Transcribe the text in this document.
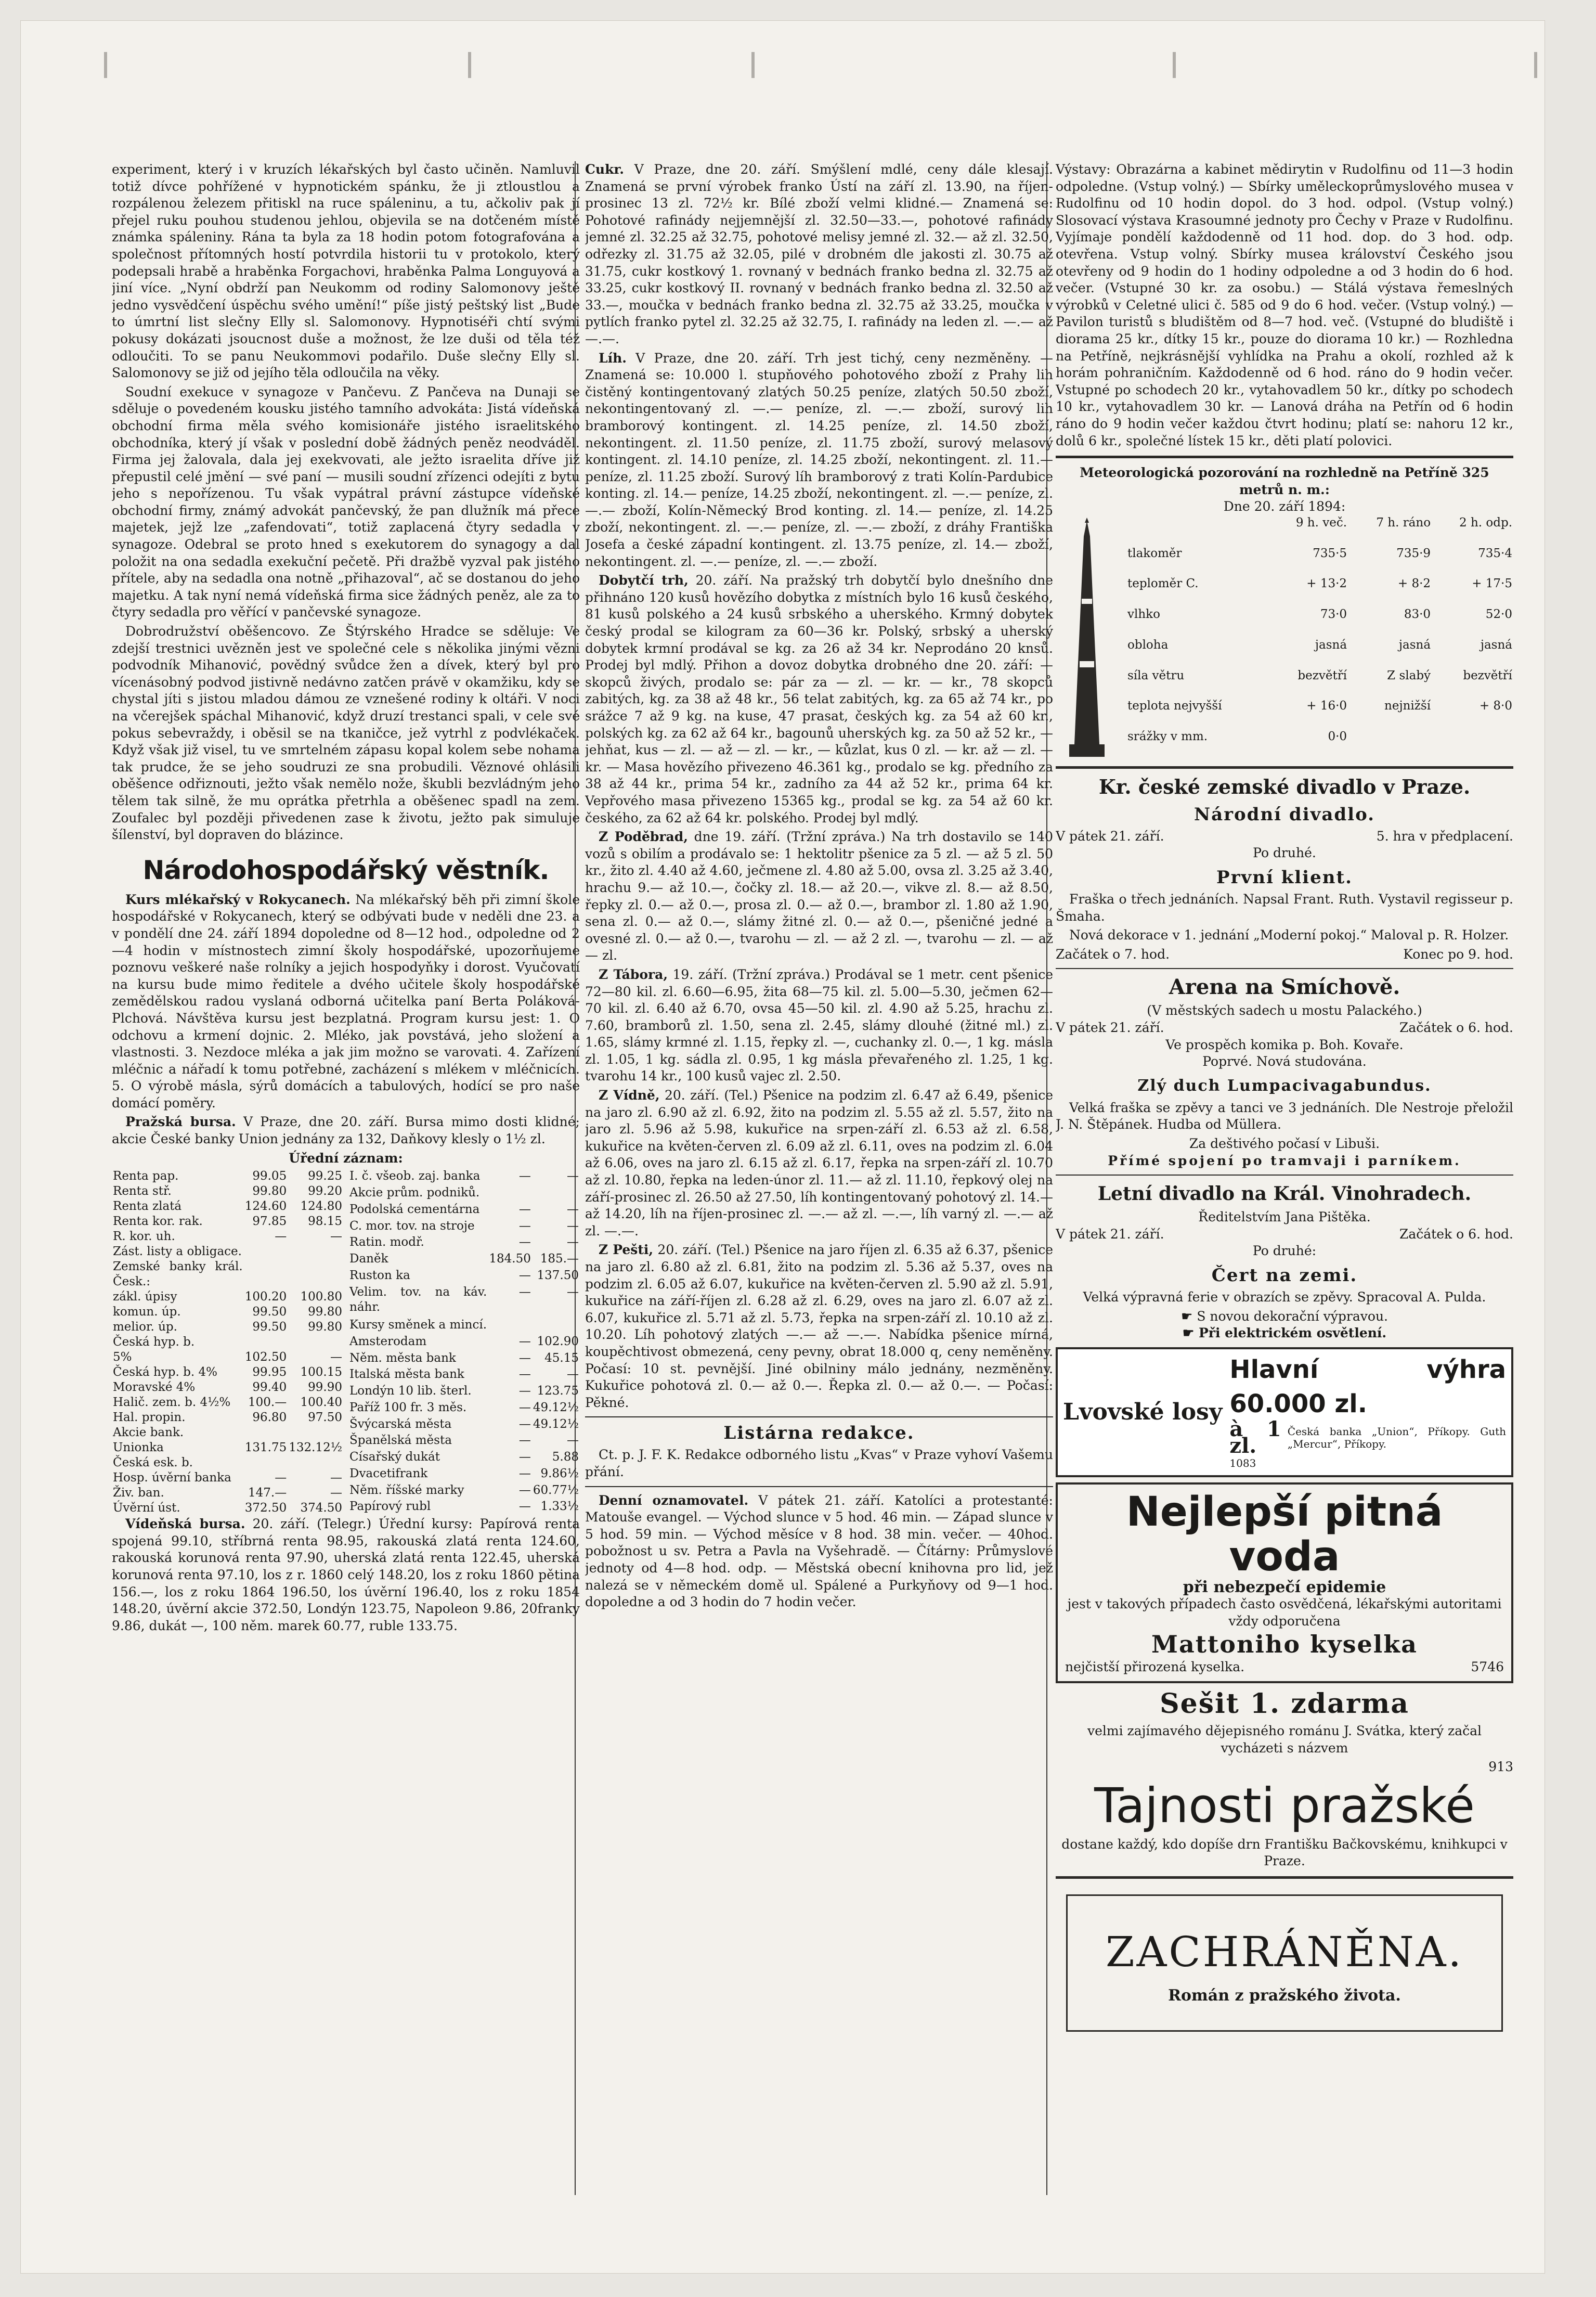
experiment, který i v kruzích lékařských byl často učiněn. Namluvil totiž dívce pohřížené v hypnotickém spánku, že ji ztloustlou a rozpálenou železem přitiskl na ruce spáleninu, a tu, ačkoliv pak jí přejel ruku pouhou studenou jehlou, objevila se na dotčeném místě známka spáleniny. Rána ta byla za 18 hodin potom fotografována a společnost přítomných hostí potvrdila historii tu v protokolo, který podepsali hrabě a hraběnka Forgachovi, hraběnka Palma Longuyová a jiní více. „Nyní obdrží pan Neukomm od rodiny Salomonovy ještě jedno vysvědčení úspěchu svého umění!“ píše jistý peštský list „Bude to úmrtní list slečny Elly sl. Salomonovy. Hypnotiséři chtí svými pokusy dokázati jsoucnost duše a možnost, že lze duši od těla též odloučiti. To se panu Neukommovi podařilo. Duše slečny Elly sl. Salomonovy se již od jejího těla odloučila na věky.

Soudní exekuce v synagoze v Pančevu. Z Pančeva na Dunaji se sděluje o povedeném kousku jistého tamního advokáta: Jistá vídeňská obchodní firma měla svého komisionáře jistého israelitského obchodníka, který jí však v poslední době žádných peněz neodváděl. Firma jej žalovala, dala jej exekvovati, ale ježto israelita dříve již přepustil celé jmění — své paní — musili soudní zřízenci odejíti z bytu jeho s nepořízenou. Tu však vypátral právní zástupce vídeňské obchodní firmy, známý advokát pančevský, že pan dlužník má přece majetek, jejž lze „zafendovati“, totiž zaplacená čtyry sedadla v synagoze. Odebral se proto hned s exekutorem do synagogy a dal položit na ona sedadla exekuční pečetě. Při dražbě vyzval pak jistého přítele, aby na sedadla ona notně „přihazoval“, ač se dostanou do jeho majetku. A tak nyní nemá vídeňská firma sice žádných peněz, ale za to čtyry sedadla pro věřící v pančevské synagoze.

Dobrodružství oběšencovo. Ze Štýrského Hradce se sděluje: Ve zdejší trestnici uvězněn jest ve společné cele s několika jinými vězni podvodník Mihanović, povědný svůdce žen a dívek, který byl pro vícenásobný podvod jistivně nedávno zatčen právě v okamžiku, kdy se chystal jíti s jistou mladou dámou ze vznešené rodiny k oltáři. V noci na včerejšek spáchal Mihanović, když druzí trestanci spali, v cele své pokus sebevraždy, i oběsil se na tkaničce, jež vytrhl z podvlékaček. Když však již visel, tu ve smrtelném zápasu kopal kolem sebe nohama tak prudce, že se jeho soudruzi ze sna probudili. Věznové ohlásili oběšence odřiznouti, ježto však nemělo nože, škubli bezvládným jeho tělem tak silně, že mu oprátka přetrhla a oběšenec spadl na zem. Zoufalec byl později přivedenen zase k životu, ježto pak simuluje šílenství, byl dopraven do blázince.

Národohospodářský věstník.

Kurs mlékařský v Rokycanech. Na mlékařský běh při zimní škole hospodářské v Rokycanech, který se odbývati bude v neděli dne 23. a v pondělí dne 24. září 1894 dopoledne od 8—12 hod., odpoledne od 2—4 hodin v místnostech zimní školy hospodářské, upozorňujeme poznovu veškeré naše rolníky a jejich hospodyňky i dorost. Vyučovatí na kursu bude mimo ředitele a dvého učitele školy hospodářské zemědělskou radou vyslaná odborná učitelka paní Berta Poláková-Plchová. Návštěva kursu jest bezplatná. Program kursu jest: 1. O odchovu a krmení dojnic. 2. Mléko, jak povstává, jeho složení a vlastnosti. 3. Nezdoce mléka a jak jim možno se varovati. 4. Zařízení mléčnic a nářadí k tomu potřebné, zacházení s mlékem v mléčnicích. 5. O výrobě másla, sýrů domácích a tabulových, hodící se pro naše domácí poměry.

Pražská bursa. V Praze, dne 20. září. Bursa mimo dosti klidné; akcie České banky Union jednány za 132, Daňkovy klesly o 1½ zl.

Úřední záznam:
Renta pap.	99.05	99.25
Renta stř.	99.80	99.20
Renta zlatá	124.60	124.80
Renta kor. rak.	97.85	98.15
R. kor. uh.	—	—
Zást. listy a obligace.		
Zemské banky král. Česk.:		
zákl. úpisy	100.20	100.80
komun. úp.	99.50	99.80
melior. úp.	99.50	99.80
Česká hyp. b.		
5%	102.50	—
Česká hyp. b. 4%	99.95	100.15
Moravské 4%	99.40	99.90
Halič. zem. b. 4½%	100.—	100.40
Hal. propin.	96.80	97.50
Akcie bank.		
Unionka	131.75	132.12½
Česká esk. b.		
Hosp. úvěrní banka	—	—
Živ. ban.	147.—	—
Úvěrní úst.	372.50	374.50
I. č. všeob. zaj. banka	—	—
Akcie prům. podniků.		
Podolská cementárna	—	—
C. mor. tov. na stroje	—	—
Ratin. modř.	—	—
Daněk	184.50	185.—
Ruston ka	—	137.50
Velim. tov. na káv. náhr.	—	—
Kursy směnek a mincí.		
Amsterodam	—	102.90
Něm. města bank	—	45.15
Italská města bank	—	—
Londýn 10 lib. šterl.	—	123.75
Paříž 100 fr. 3 měs.	—	49.12½
Švýcarská města	—	49.12½
Španělská města	—	—
Císařský dukát	—	5.88
Dvacetifrank	—	9.86½
Něm. říšské marky	—	60.77½
Papírový rubl	—	1.33½

Vídeňská bursa. 20. září. (Telegr.) Úřední kursy: Papírová renta spojená 99.10, stříbrná renta 98.95, rakouská zlatá renta 124.60, rakouská korunová renta 97.90, uherská zlatá renta 122.45, uherská korunová renta 97.10, los z r. 1860 celý 148.20, los z roku 1860 pětina 156.—, los z roku 1864 196.50, los úvěrní 196.40, los z roku 1854 148.20, úvěrní akcie 372.50, Londýn 123.75, Napoleon 9.86, 20franky 9.86, dukát —, 100 něm. marek 60.77, ruble 133.75.

Cukr. V Praze, dne 20. září. Smýšlení mdlé, ceny dále klesají. Znamená se první výrobek franko Ústí na září zl. 13.90, na říjen-prosinec 13 zl. 72½ kr. Bílé zboží velmi klidné.— Znamená se: Pohotové rafinády nejjemnější zl. 32.50—33.—, pohotové rafinády jemné zl. 32.25 až 32.75, pohotové melisy jemné zl. 32.— až zl. 32.50, odřezky zl. 31.75 až 32.05, pilé v drobném dle jakosti zl. 30.75 až 31.75, cukr kostkový 1. rovnaný v bednách franko bedna zl. 32.75 až 33.25, cukr kostkový II. rovnaný v bednách franko bedna zl. 32.50 až 33.—, moučka v bednách franko bedna zl. 32.75 až 33.25, moučka v pytlích franko pytel zl. 32.25 až 32.75, I. rafinády na leden zl. —.— až —.—.

Líh. V Praze, dne 20. září. Trh jest tichý, ceny nezměněny. — Znamená se: 10.000 l. stupňového pohotového zboží z Prahy lih čistěný kontingentovaný zlatých 50.25 peníze, zlatých 50.50 zboží, nekontingentovaný zl. —.— peníze, zl. —.— zboží, surový lih bramborový kontingent. zl. 14.25 peníze, zl. 14.50 zboží, nekontingent. zl. 11.50 peníze, zl. 11.75 zboží, surový melasový kontingent. zl. 14.10 peníze, zl. 14.25 zboží, nekontingent. zl. 11.— peníze, zl. 11.25 zboží. Surový líh bramborový z trati Kolín-Pardubice konting. zl. 14.— peníze, 14.25 zboží, nekontingent. zl. —.— peníze, zl. —.— zboží, Kolín-Německý Brod konting. zl. 14.— peníze, zl. 14.25 zboží, nekontingent. zl. —.— peníze, zl. —.— zboží, z dráhy Františka Josefa a české západní kontingent. zl. 13.75 peníze, zl. 14.— zboží, nekontingent. zl. —.— peníze, zl. —.— zboží.

Dobytčí trh, 20. září. Na pražský trh dobytčí bylo dnešního dne přihnáno 120 kusů hovězího dobytka z místních bylo 16 kusů českého, 81 kusů polského a 24 kusů srbského a uherského. Krmný dobytek český prodal se kilogram za 60—36 kr. Polský, srbský a uherský dobytek krmní prodával se kg. za 26 až 34 kr. Neprodáno 20 knsů. Prodej byl mdlý. Přihon a dovoz dobytka drobného dne 20. září: — skopců živých, prodalo se: pár za — zl. — kr. — kr., 78 skopců zabitých, kg. za 38 až 48 kr., 56 telat zabitých, kg. za 65 až 74 kr., po srážce 7 až 9 kg. na kuse, 47 prasat, českých kg. za 54 až 60 kr., polských kg. za 62 až 64 kr., bagounů uherských kg. za 50 až 52 kr., — jehňat, kus — zl. — až — zl. — kr., — kůzlat, kus 0 zl. — kr. až — zl. — kr. — Masa hovězího přivezeno 46.361 kg., prodalo se kg. předního za 38 až 44 kr., prima 54 kr., zadního za 44 až 52 kr., prima 64 kr. Vepřového masa přivezeno 15365 kg., prodal se kg. za 54 až 60 kr. českého, za 62 až 64 kr. polského. Prodej byl mdlý.

Z Poděbrad, dne 19. září. (Tržní zpráva.) Na trh dostavilo se 140 vozů s obilím a prodávalo se: 1 hektolitr pšenice za 5 zl. — až 5 zl. 50 kr., žito zl. 4.40 až 4.60, ječmene zl. 4.80 až 5.00, ovsa zl. 3.25 až 3.40, hrachu 9.— až 10.—, čočky zl. 18.— až 20.—, vikve zl. 8.— až 8.50, řepky zl. 0.— až 0.—, prosa zl. 0.— až 0.—, brambor zl. 1.80 až 1.90, sena zl. 0.— až 0.—, slámy žitné zl. 0.— až 0.—, pšeničné jedné a ovesné zl. 0.— až 0.—, tvarohu — zl. — až 2 zl. —, tvarohu — zl. — až — zl.

Z Tábora, 19. září. (Tržní zpráva.) Prodával se 1 metr. cent pšenice 72—80 kil. zl. 6.60—6.95, žita 68—75 kil. zl. 5.00—5.30, ječmen 62—70 kil. zl. 6.40 až 6.70, ovsa 45—50 kil. zl. 4.90 až 5.25, hrachu zl. 7.60, bramborů zl. 1.50, sena zl. 2.45, slámy dlouhé (žitné ml.) zl. 1.65, slámy krmné zl. 1.15, řepky zl. —, cuchanky zl. 0.—, 1 kg. másla zl. 1.05, 1 kg. sádla zl. 0.95, 1 kg másla převařeného zl. 1.25, 1 kg. tvarohu 14 kr., 100 kusů vajec zl. 2.50.

Z Vídně, 20. září. (Tel.) Pšenice na podzim zl. 6.47 až 6.49, pšenice na jaro zl. 6.90 až zl. 6.92, žito na podzim zl. 5.55 až zl. 5.57, žito na jaro zl. 5.96 až 5.98, kukuřice na srpen-září zl. 6.53 až zl. 6.58, kukuřice na květen-červen zl. 6.09 až zl. 6.11, oves na podzim zl. 6.04 až 6.06, oves na jaro zl. 6.15 až zl. 6.17, řepka na srpen-září zl. 10.70 až zl. 10.80, řepka na leden-únor zl. 11.— až zl. 11.10, řepkový olej na září-prosinec zl. 26.50 až 27.50, líh kontingentovaný pohotový zl. 14.— až 14.20, líh na říjen-prosinec zl. —.— až zl. —.—, líh varný zl. —.— až zl. —.—.

Z Pešti, 20. září. (Tel.) Pšenice na jaro říjen zl. 6.35 až 6.37, pšenice na jaro zl. 6.80 až zl. 6.81, žito na podzim zl. 5.36 až 5.37, oves na podzim zl. 6.05 až 6.07, kukuřice na květen-červen zl. 5.90 až zl. 5.91, kukuřice na září-říjen zl. 6.28 až zl. 6.29, oves na jaro zl. 6.07 až zl. 6.07, kukuřice zl. 5.71 až zl. 5.73, řepka na srpen-září zl. 10.10 až zl. 10.20. Líh pohotový zlatých —.— až —.—. Nabídka pšenice mírná, koupěchtivost obmezená, ceny pevny, obrat 18.000 q, ceny neměněny. Počasí: 10 st. pevnější. Jiné obilniny málo jednány, nezměněny. Kukuřice pohotová zl. 0.— až 0.—. Řepka zl. 0.— až 0.—. — Počasí: Pěkné.

Listárna redakce.

Ct. p. J. F. K. Redakce odborného listu „Kvas“ v Praze vyhoví Vašemu přání.

Denní oznamovatel. V pátek 21. září. Katolíci a protestanté: Matouše evangel. — Východ slunce v 5 hod. 46 min. — Západ slunce v 5 hod. 59 min. — Východ měsíce v 8 hod. 38 min. večer. — 40hod. pobožnost u sv. Petra a Pavla na Vyšehradě. — Čítárny: Průmyslové jednoty od 4—8 hod. odp. — Městská obecní knihovna pro lid, jež nalezá se v německém domě ul. Spálené a Purkyňovy od 9—1 hod. dopoledne a od 3 hodin do 7 hodin večer.

Výstavy: Obrazárna a kabinet mědirytin v Rudolfinu od 11—3 hodin odpoledne. (Vstup volný.) — Sbírky uměleckoprůmyslového musea v Rudolfinu od 10 hodin dopol. do 3 hod. odpol. (Vstup volný.) Slosovací výstava Krasoumné jednoty pro Čechy v Praze v Rudolfinu. Vyjímaje pondělí každodenně od 11 hod. dop. do 3 hod. odp. otevřena. Vstup volný. Sbírky musea království Českého jsou otevřeny od 9 hodin do 1 hodiny odpoledne a od 3 hodin do 6 hod. večer. (Vstupné 30 kr. za osobu.) — Stálá výstava řemeslných výrobků v Celetné ulici č. 585 od 9 do 6 hod. večer. (Vstup volný.) — Pavilon turistů s bludištěm od 8—7 hod. več. (Vstupné do bludiště i diorama 25 kr., dítky 15 kr., pouze do diorama 10 kr.) — Rozhledna na Petříně, nejkrásnější vyhlídka na Prahu a okolí, rozhled až k horám pohraničním. Každodenně od 6 hod. ráno do 9 hodin večer. Vstupné po schodech 20 kr., vytahovadlem 50 kr., dítky po schodech 10 kr., vytahovadlem 30 kr. — Lanová dráha na Petřín od 6 hodin ráno do 9 hodin večer každou čtvrt hodinu; platí se: nahoru 12 kr., dolů 6 kr., společné lístek 15 kr., děti platí polovici.

Meteorologická pozorování na rozhledně na Petříně 325 metrů n. m.:
Dne 20. září 1894:
	9 h. več.	7 h. ráno	2 h. odp.
tlakoměr	735·5	735·9	735·4
teploměr C.	+ 13·2	+ 8·2	+ 17·5
vlhko	73·0	83·0	52·0
obloha	jasná	jasná	jasná
síla větru	bezvětří	Z slabý	bezvětří
teplota nejvyšší	+ 16·0	nejnižší	+ 8·0
srážky v mm.	0·0		
Kr. české zemské divadlo v Praze.
Národní divadlo.
V pátek 21. září.	5. hra v předplacení.
Po druhé.
První klient.

Fraška o třech jednáních. Napsal Frant. Ruth. Vystavil regisseur p. Šmaha.

Nová dekorace v 1. jednání „Moderní pokoj.“ Maloval p. R. Holzer.

Začátek o 7. hod.	Konec po 9. hod.
Arena na Smíchově.
(V městských sadech u mostu Palackého.)
V pátek 21. září.	Začátek o 6. hod.
Ve prospěch komika p. Boh. Kovaře.
Poprvé. Nová studována.
Zlý duch Lumpacivagabundus.

Velká fraška se zpěvy a tanci ve 3 jednáních. Dle Nestroje přeložil J. N. Štěpánek. Hudba od Müllera.

Za deštivého počasí v Libuši.
Přímé spojení po tramvaji i parníkem.
Letní divadlo na Král. Vinohradech.
Ředitelstvím Jana Pištěka.
V pátek 21. září.	Začátek o 6. hod.
Po druhé:
Čert na zemi.

Velká výpravná ferie v obrazích se zpěvy. Spracoval A. Pulda.

☛ S novou dekorační výpravou.
☛ Při elektrickém osvětlení.
Lvovské losy
Hlavní výhra 60.000 zl.
à 1 zl.
Česká banka „Union“, Příkopy. Guth „Mercur“, Příkopy.
1083
Nejlepší pitná voda
při nebezpečí epidemie
jest v takových případech často osvědčená, lékařskými autoritami vždy odporučena
Mattoniho kyselka
nejčistší přirozená kyselka.	5746
Sešit 1. zdarma

velmi zajímavého dějepisného románu J. Svátka, který začal vycházeti s názvem

913
Tajnosti pražské

dostane každý, kdo dopíše drn Františku Bačkovskému, knihkupci v Praze.

ZACHRÁNĚNA.
Román z pražského života.
